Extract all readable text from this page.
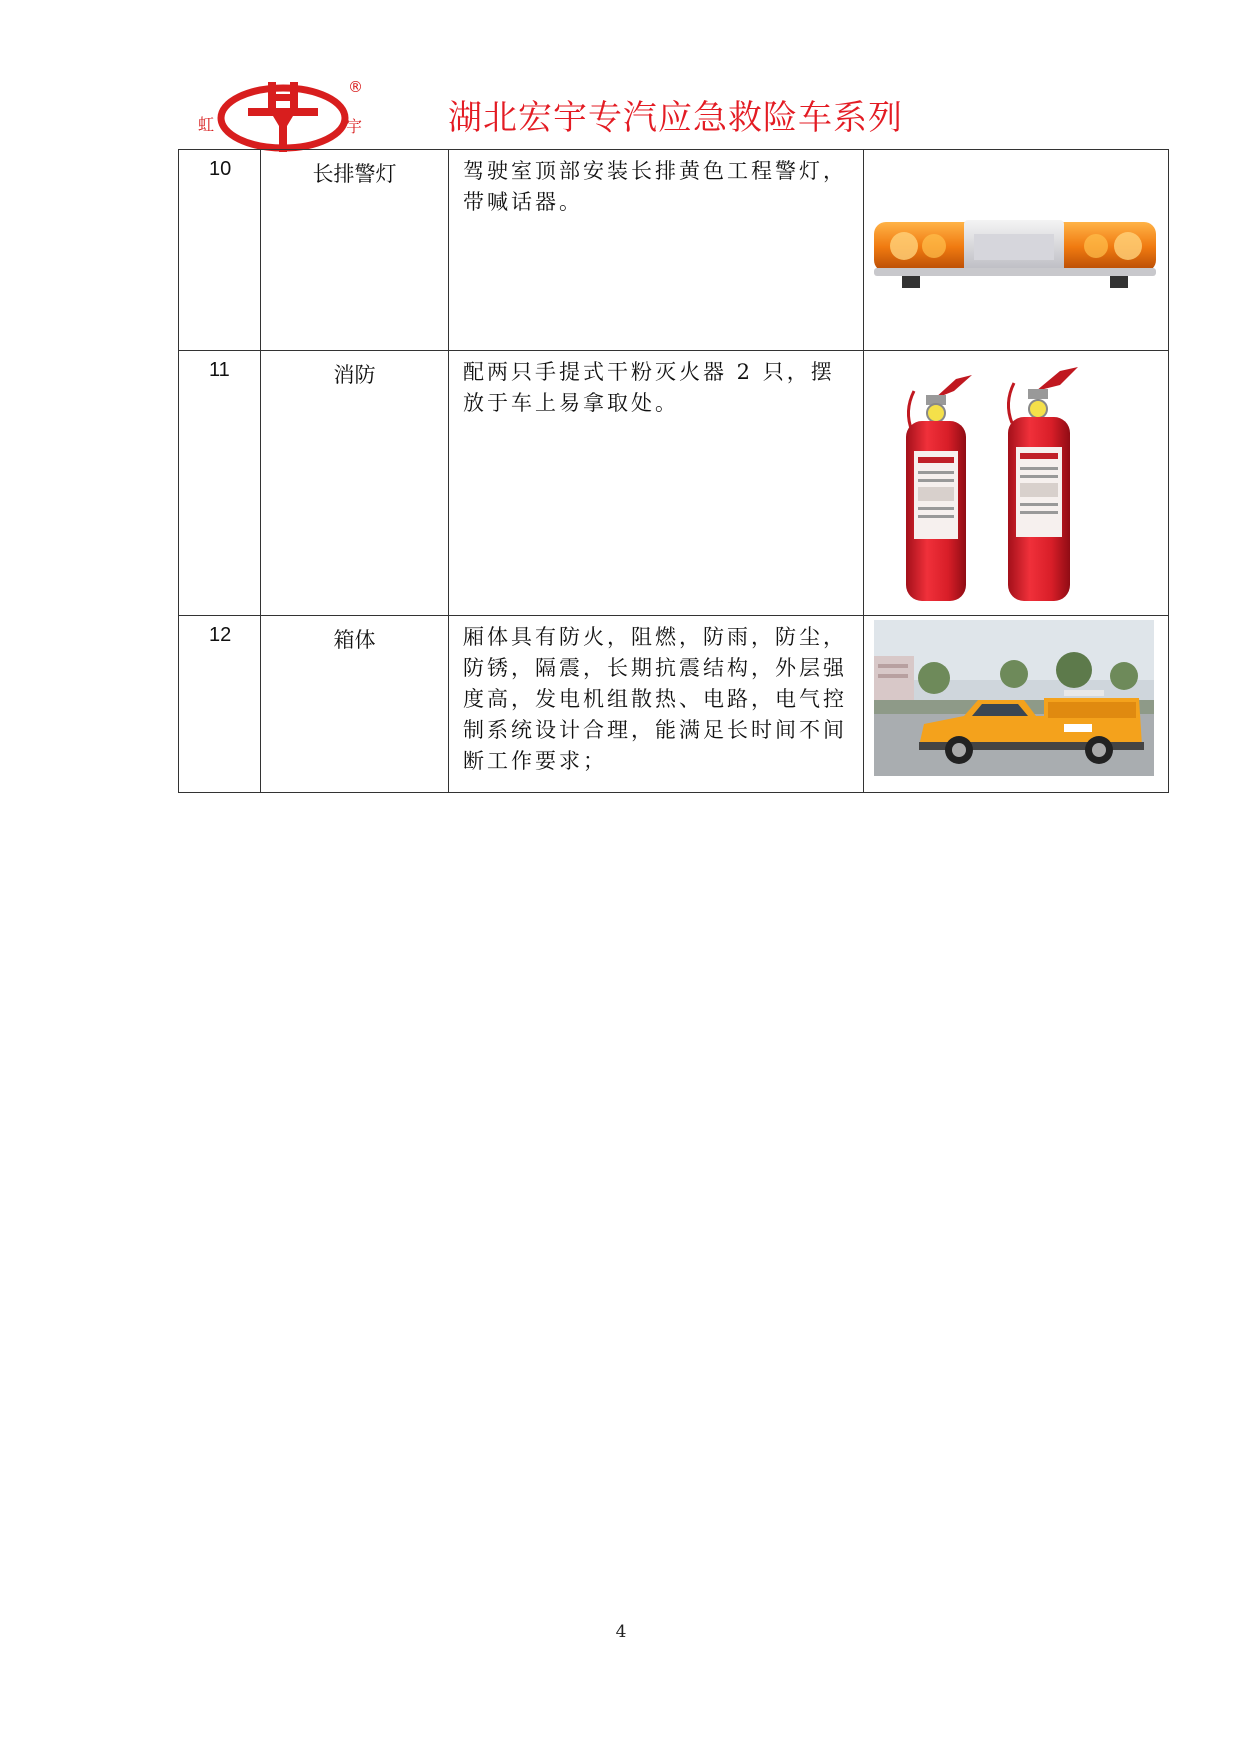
虹	宇
®
湖北宏宇专汽应急救险车系列
10	长排警灯	驾驶室顶部安装长排黄色工程警灯，带喊话器。

11	消防	配两只手提式干粉灭火器 2 只，摆放于车上易拿取处。

12	箱体	厢体具有防火，阻燃，防雨，防尘，防锈，隔震，长期抗震结构，外层强度高，发电机组散热、电路，电气控制系统设计合理，能满足长时间不间断工作要求；

4
